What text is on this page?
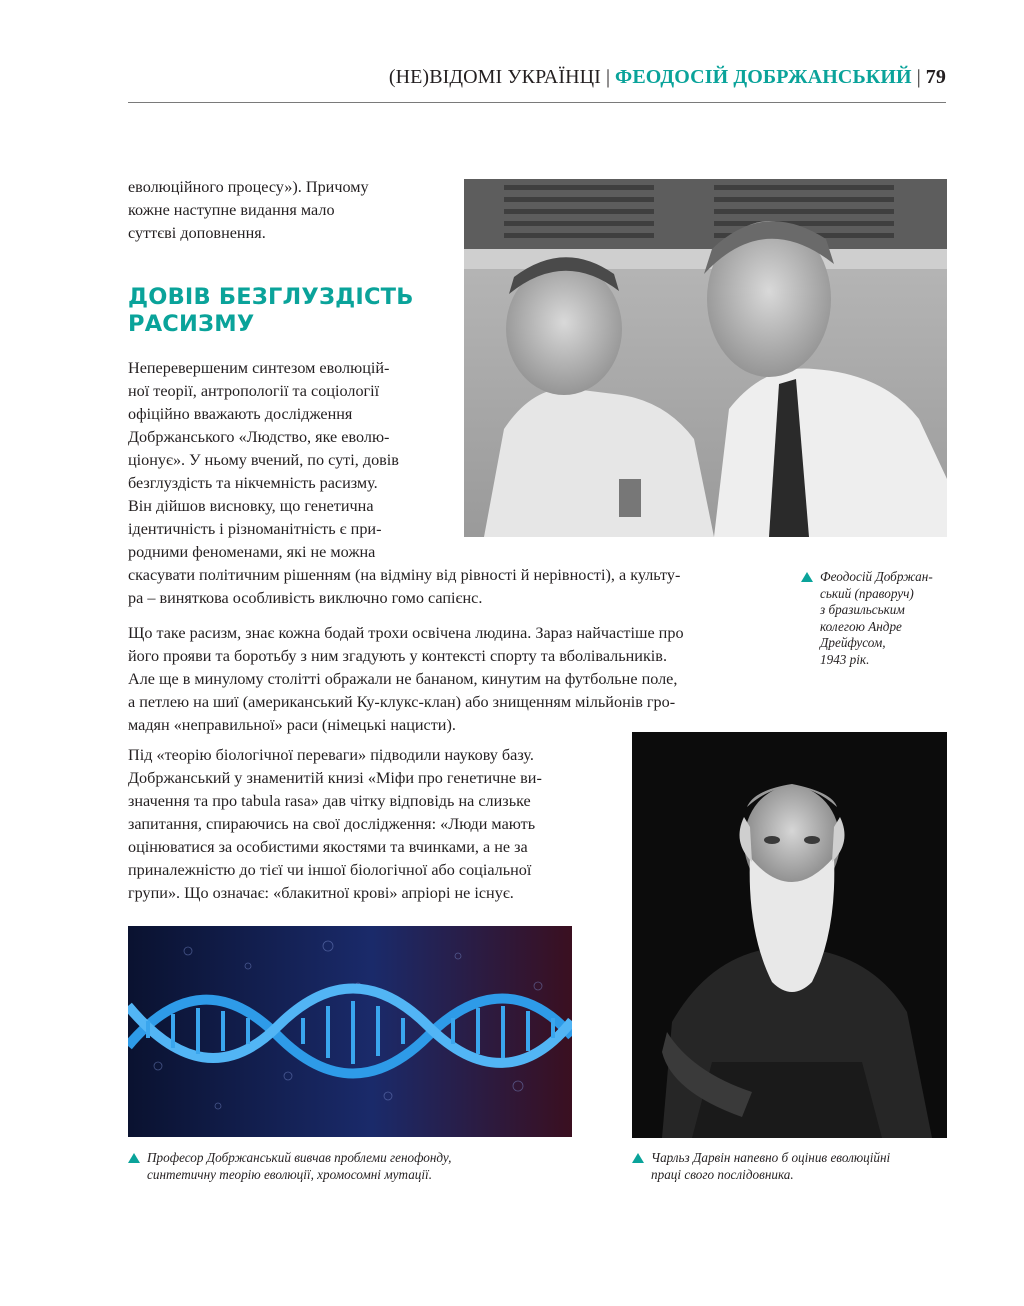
(НЕ)ВІДОМІ УКРАЇНЦІ | ФЕОДОСІЙ ДОБРЖАНСЬКИЙ | 79

еволюційного процесу»). Причому
кожне наступне видання мало
суттєві доповнення.

ДОВІВ БЕЗГЛУЗДІСТЬ
РАСИЗМУ

Неперевершеним синтезом еволюцій-
ної теорії, антропології та соціології
офіційно вважають дослідження
Добржанського «Людство, яке еволю-
ціонує». У ньому вчений, по суті, довів
безглуздість та нікчемність расизму.
Він дійшов висновку, що генетична
ідентичність і різноманітність є при-
родними феноменами, які не можна
скасувати політичним рішенням (на відміну від рівності й нерівності), а культу-
ра – виняткова особливість виключно гомо сапієнс.

Що таке расизм, знає кожна бодай трохи освічена людина. Зараз найчастіше про
його прояви та боротьбу з ним згадують у контексті спорту та вболівальників.
Але ще в минулому столітті ображали не бананом, кинутим на футбольне поле,
а петлею на шиї (американський Ку-клукс-клан) або знищенням мільйонів гро-
мадян «неправильної» раси (німецькі нацисти).

Під «теорію біологічної переваги» підводили наукову базу.
Добржанський у знаменитій книзі «Міфи про генетичне ви-
значення та про tabula rasa» дав чітку відповідь на слизьке
запитання, спираючись на свої дослідження: «Люди мають
оцінюватися за особистими якостями та вчинками, а не за
приналежністю до тієї чи іншої біологічної або соціальної
групи». Що означає: «блакитної крові» апріорі не існує.

Феодосій Добржан-
ський (праворуч)
з бразильським
колегою Андре
Дрейфусом,
1943 рік.
Чарльз Дарвін напевно б оцінив еволюційні
праці свого послідовника.
Професор Добржанський вивчав проблеми генофонду,
синтетичну теорію еволюції, хромосомні мутації.
